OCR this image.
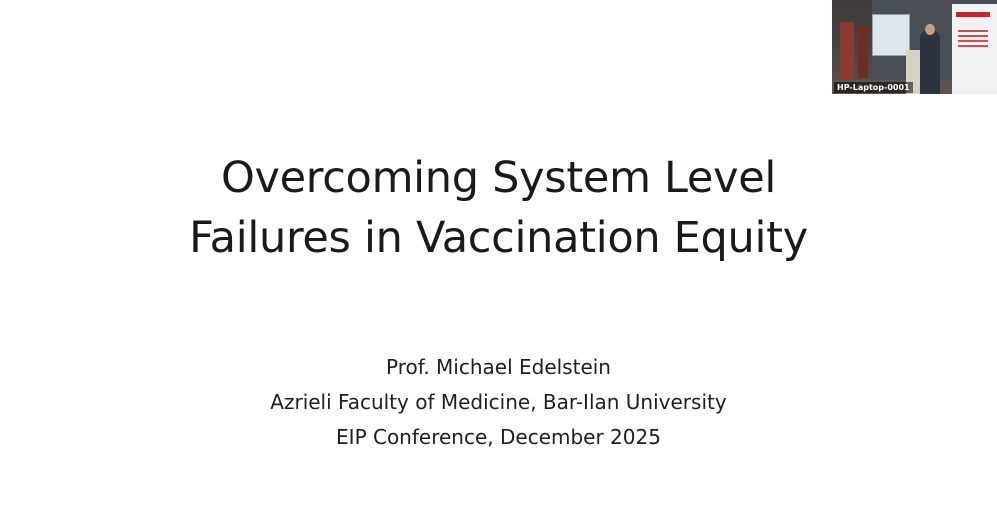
Overcoming System Level
Failures in Vaccination Equity
Prof. Michael Edelstein
Azrieli Faculty of Medicine, Bar-Ilan University
EIP Conference, December 2025
HP-Laptop-0001
